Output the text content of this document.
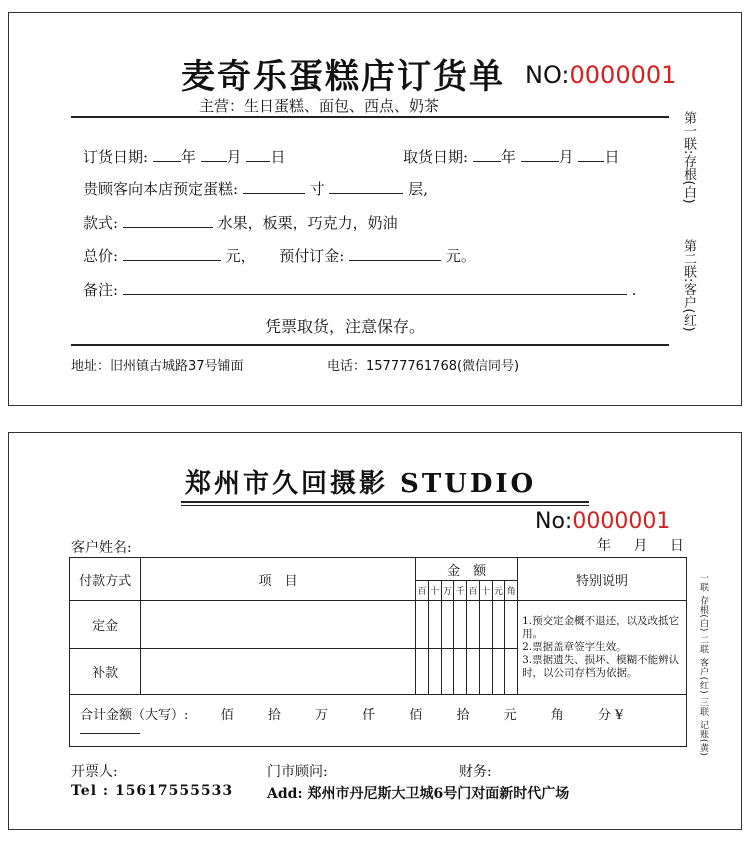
麦奇乐蛋糕店订货单 NO:0000001
主营：生日蛋糕、面包、西点、奶茶
订货日期: 年 月 日	取货日期: 年	月 日
贵顾客向本店预定蛋糕:	寸	层,
款式:	水果，板栗，巧克力，奶油
总价:	元， 预付订金:	元。
备注:	.
凭票取货，注意保存。
地址：旧州镇古城路37号铺面	电话：15777761768(微信同号)
第一联:存根(白)
第二联:客户(红)
郑州市久回摄影 STUDIO
No:0000001
客户姓名:	年 月 日
付款方式	项　目	金　额								特别说明
		百	十	万	千	百	十	元	角	
定金										1.预交定金概不退还，以及改抵它用。
2.票据盖章签字生效。
3.票据遗失、损坏、模糊不能辨认时，以公司存档为依据。

补款										
合计金额（大写）: 佰 拾 万 仟 佰 拾 元 角 分 ¥										
开票人:	门市顾问:	财务:
Tel : 15617555533 Add: 郑州市丹尼斯大卫城6号门对面新时代广场
一联 存根(白) 二联 客户(红) 三联 记账(黄)
